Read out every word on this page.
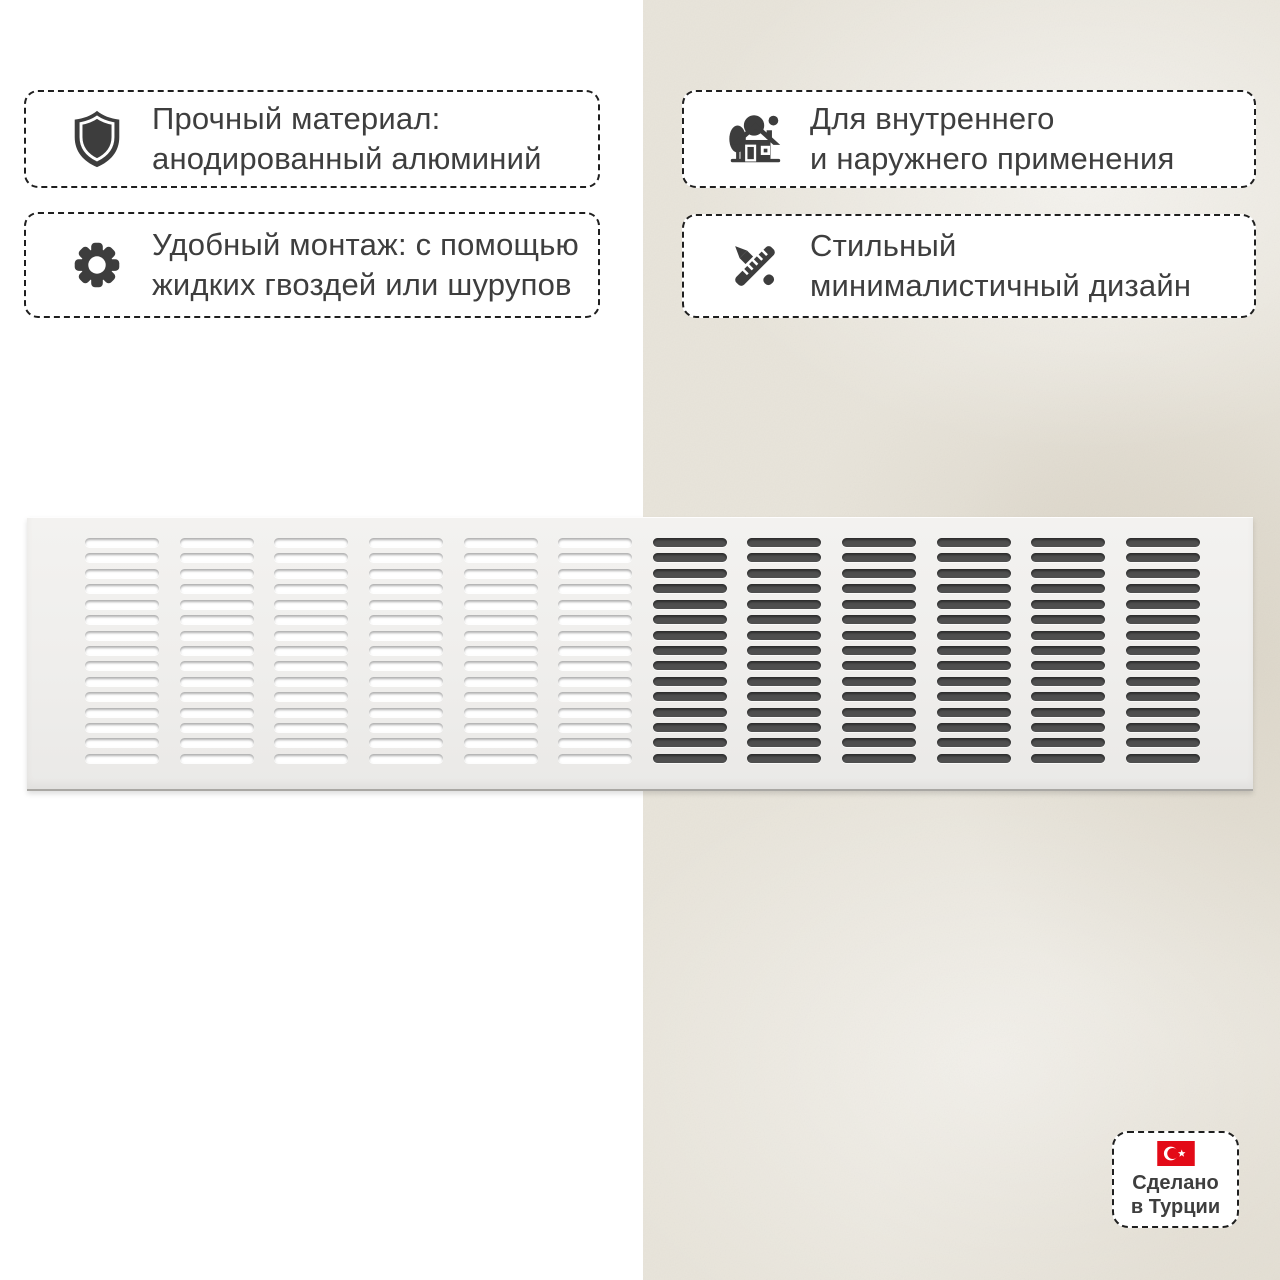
Прочный материал:
анодированный алюминий

Удобный монтаж: с помощью
жидких гвоздей или шурупов

Для внутреннего
и наружнего применения

Стильный
минималистичный дизайн

Сделано
в Турции
